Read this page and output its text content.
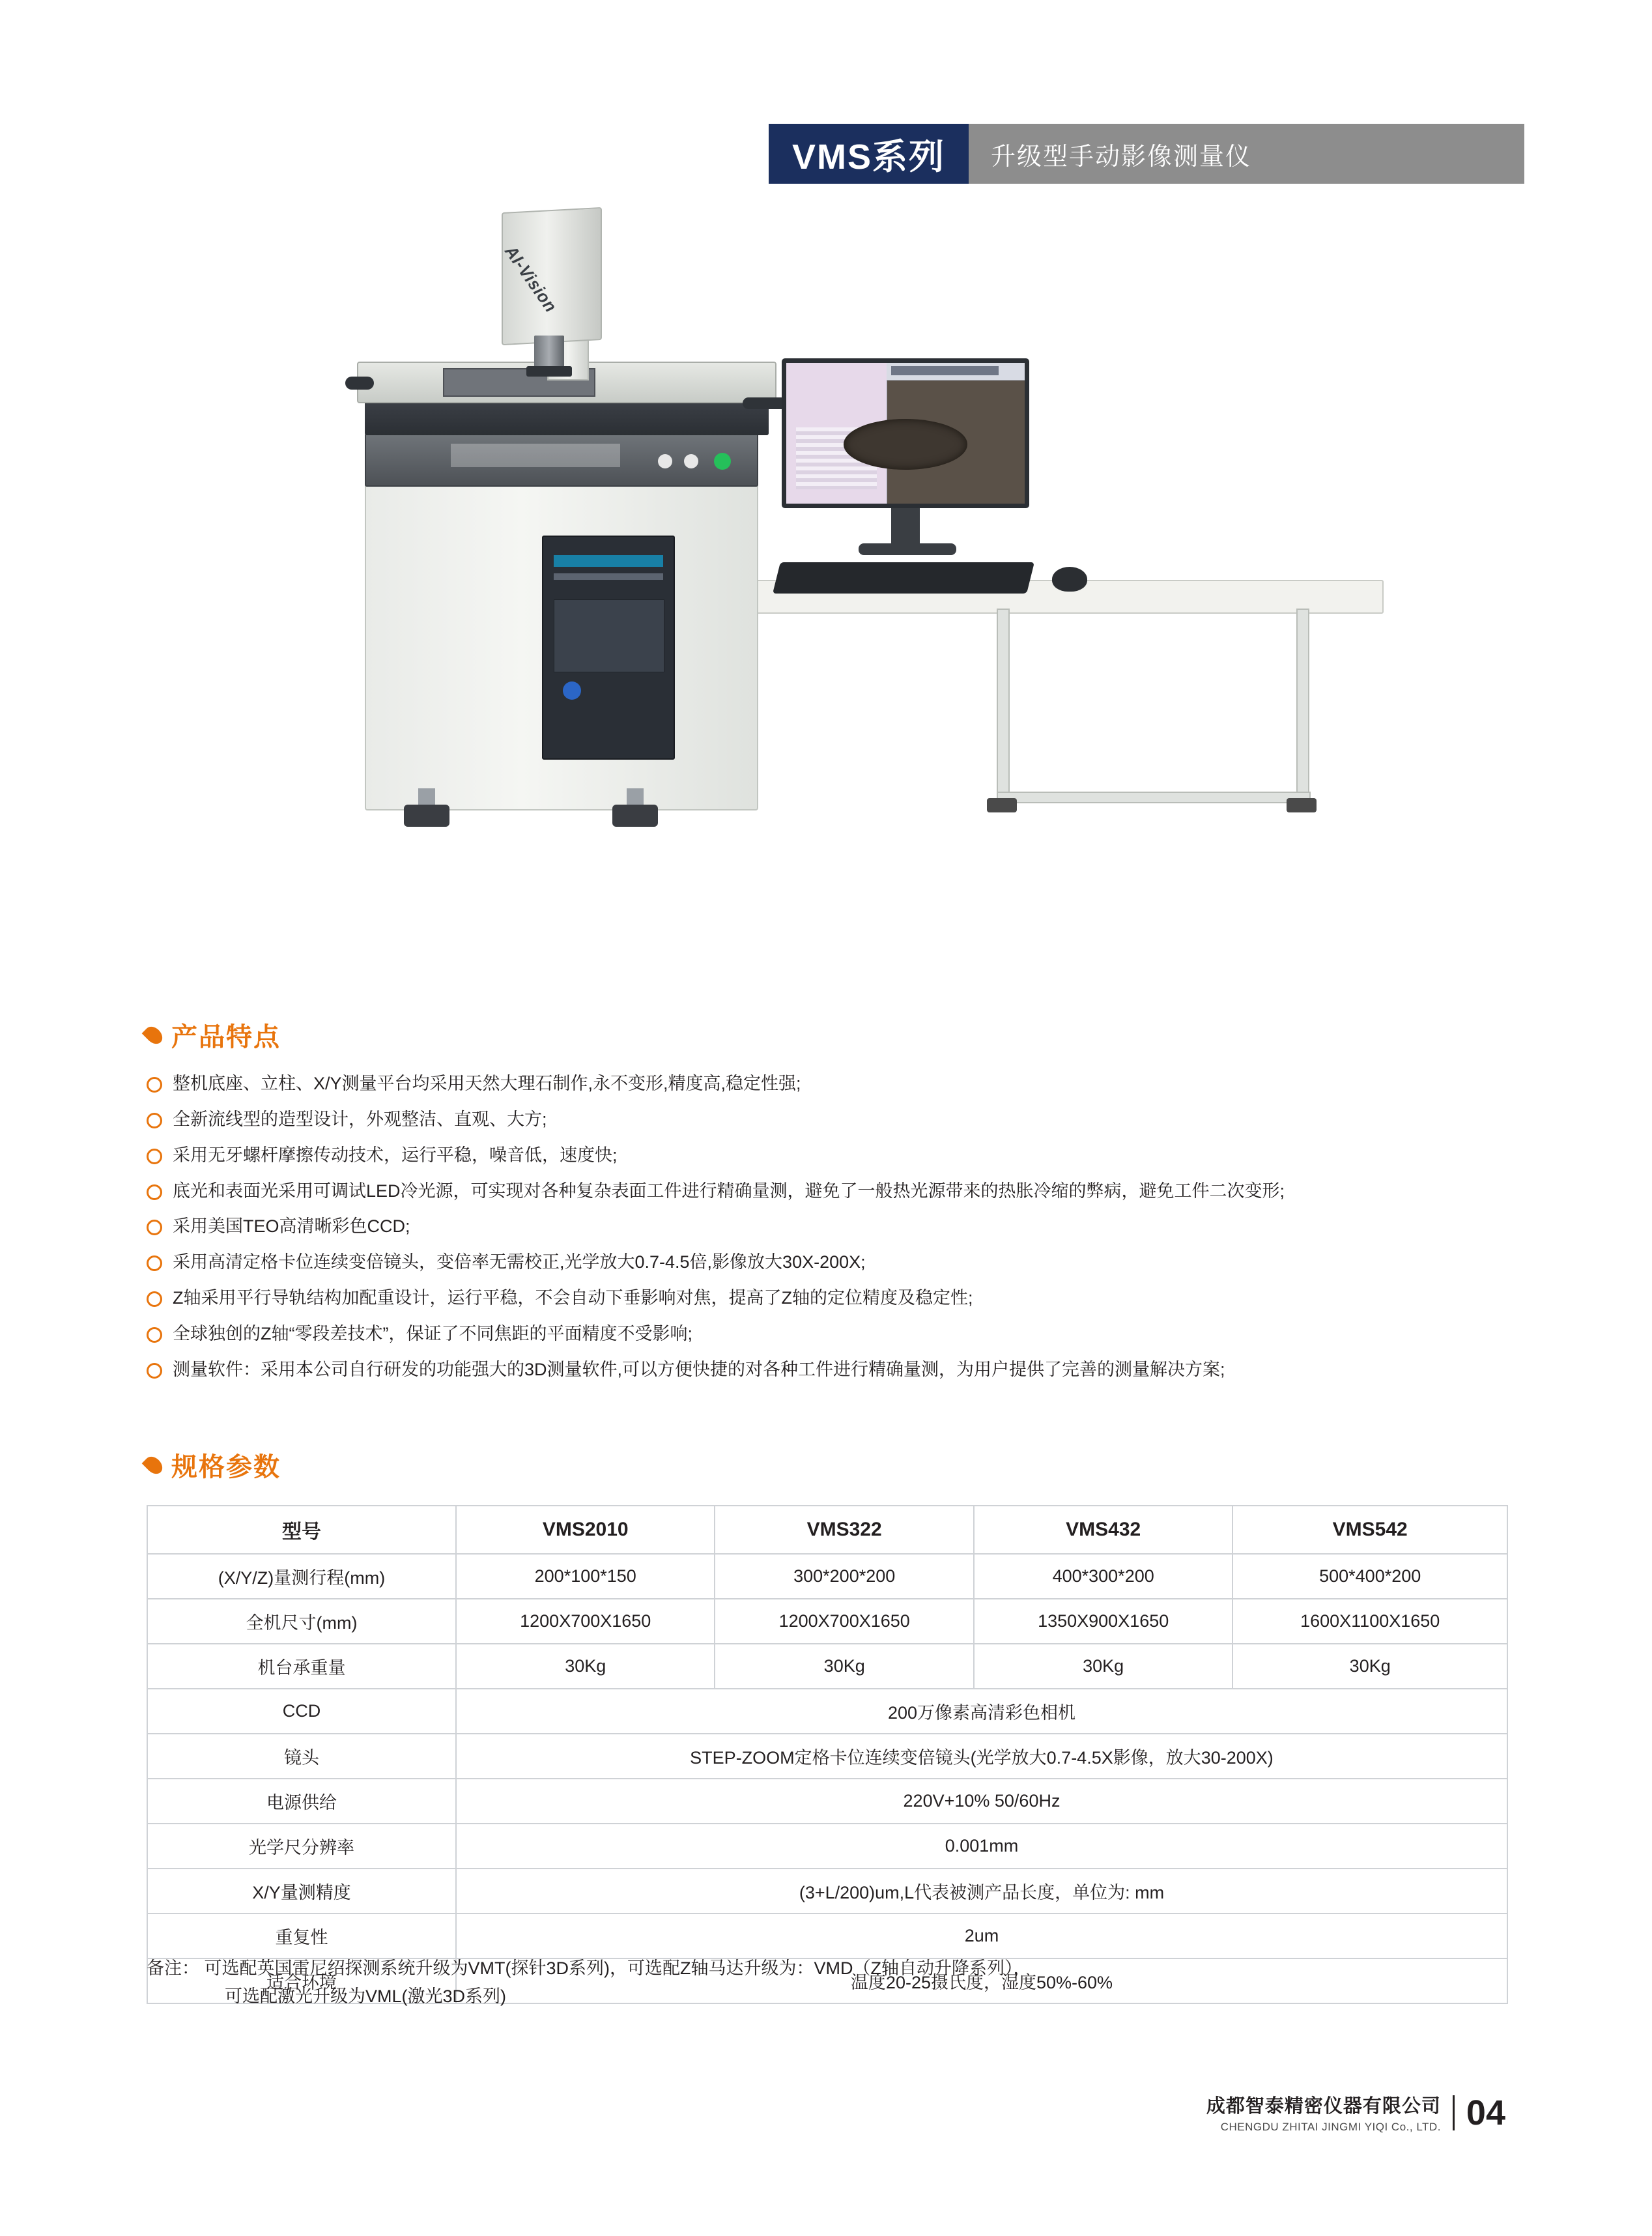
VMS系列	升级型手动影像测量仪
AI-Vision
产品特点
整机底座、立柱、X/Y测量平台均采用天然大理石制作,永不变形,精度高,稳定性强;
全新流线型的造型设计，外观整洁、直观、大方;
采用无牙螺杆摩擦传动技术，运行平稳，噪音低，速度快;
底光和表面光采用可调试LED冷光源，可实现对各种复杂表面工件进行精确量测，避免了一般热光源带来的热胀冷缩的弊病，避免工件二次变形;
采用美国TEO高清晰彩色CCD;
采用高清定格卡位连续变倍镜头，变倍率无需校正,光学放大0.7-4.5倍,影像放大30X-200X;
Z轴采用平行导轨结构加配重设计，运行平稳，不会自动下垂影响对焦，提高了Z轴的定位精度及稳定性;
全球独创的Z轴“零段差技术”，保证了不同焦距的平面精度不受影响;
测量软件：采用本公司自行研发的功能强大的3D测量软件,可以方便快捷的对各种工件进行精确量测，为用户提供了完善的测量解决方案;
规格参数
型号	VMS2010	VMS322	VMS432	VMS542
(X/Y/Z)量测行程(mm)	200*100*150	300*200*200	400*300*200	500*400*200
全机尺寸(mm)	1200X700X1650	1200X700X1650	1350X900X1650	1600X1100X1650
机台承重量	30Kg	30Kg	30Kg	30Kg
CCD	200万像素高清彩色相机			
镜头	STEP-ZOOM定格卡位连续变倍镜头(光学放大0.7-4.5X影像，放大30-200X)			
电源供给	220V+10% 50/60Hz			
光学尺分辨率	0.001mm			
X/Y量测精度	(3+L/200)um,L代表被测产品长度，单位为: mm			
重复性	2um			
适合环境	温度20-25摄氏度，湿度50%-60%			
备注： 可选配英国雷尼绍探测系统升级为VMT(探针3D系列)，可选配Z轴马达升级为：VMD（Z轴自动升降系列），
可选配激光升级为VML(激光3D系列)
成都智泰精密仪器有限公司
CHENGDU ZHITAI JINGMI YIQI Co., LTD. 04
